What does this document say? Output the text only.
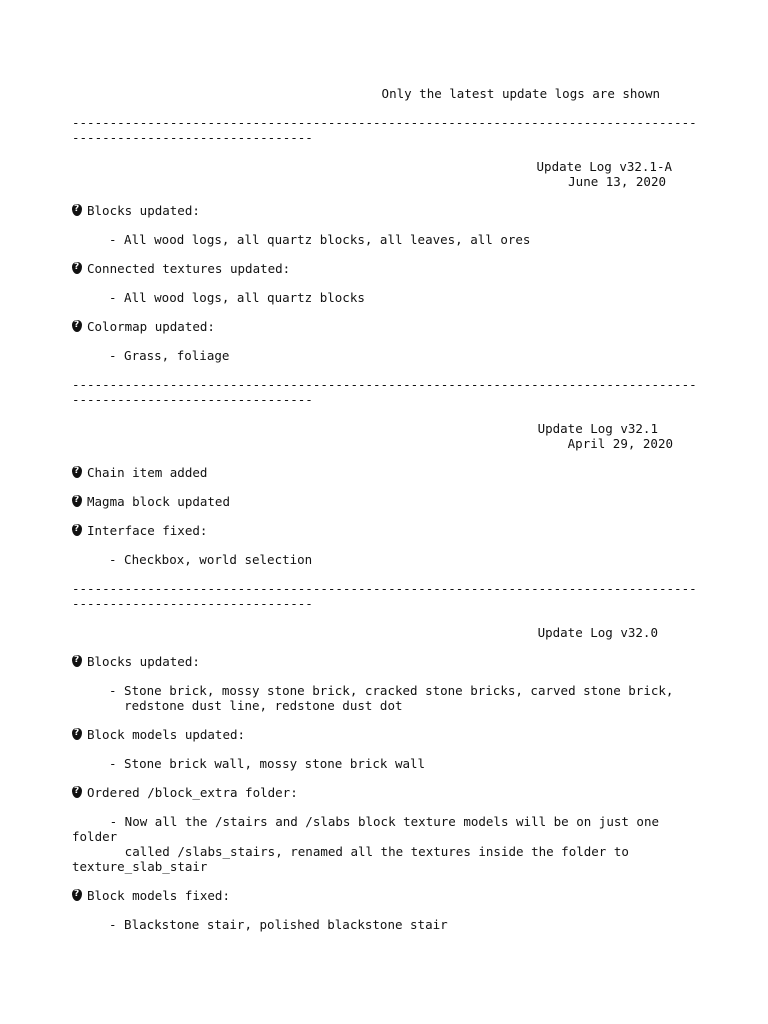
Only the latest update logs are shown
-------------------------------------------------------------------------------------------------------------------
Update Log v32.1-A
June 13, 2020
?
Blocks updated:
- All wood logs, all quartz blocks, all leaves, all ores
?
Connected textures updated:
- All wood logs, all quartz blocks
?
Colormap updated:
- Grass, foliage
-------------------------------------------------------------------------------------------------------------------
Update Log v32.1
April 29, 2020
?
Chain item added
?
Magma block updated
?
Interface fixed:
- Checkbox, world selection
-------------------------------------------------------------------------------------------------------------------
Update Log v32.0
?
Blocks updated:
- Stone brick, mossy stone brick, cracked stone bricks, carved stone brick,
redstone dust line, redstone dust dot
?
Block models updated:
- Stone brick wall, mossy stone brick wall
?
Ordered /block_extra folder:
- Now all the /stairs and /slabs block texture models will be on just one
folder
called /slabs_stairs, renamed all the textures inside the folder to
texture_slab_stair
?
Block models fixed:
- Blackstone stair, polished blackstone stair
